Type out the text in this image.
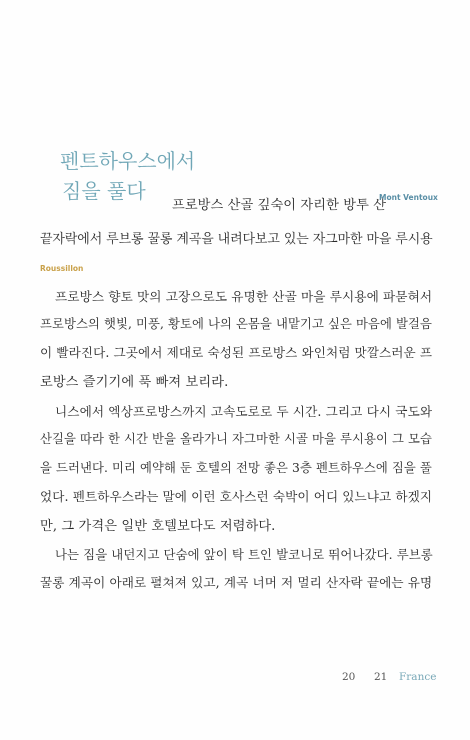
펜트하우스에서
짐을 풀다
프로방스 산골 깊숙이 자리한 방투 산
Mont Ventoux
끝자락에서 루브롱 꿀롱 계곡을 내려다보고 있는 자그마한 마을 루시용
Roussillon
프로방스 향토 맛의 고장으로도 유명한 산골 마을 루시용에 파묻혀서
프로방스의 햇빛, 미풍, 황토에 나의 온몸을 내맡기고 싶은 마음에 발걸음
이 빨라진다. 그곳에서 제대로 숙성된 프로방스 와인처럼 맛깔스러운 프
로방스 즐기기에 푹 빠져 보리라.
니스에서 엑상프로방스까지 고속도로로 두 시간. 그리고 다시 국도와
산길을 따라 한 시간 반을 올라가니 자그마한 시골 마을 루시용이 그 모습
을 드러낸다. 미리 예약해 둔 호텔의 전망 좋은 3층 펜트하우스에 짐을 풀
었다. 펜트하우스라는 말에 이런 호사스런 숙박이 어디 있느냐고 하겠지
만, 그 가격은 일반 호텔보다도 저렴하다.
나는 짐을 내던지고 단숨에 앞이 탁 트인 발코니로 뛰어나갔다. 루브롱
꿀롱 계곡이 아래로 펼쳐져 있고, 계곡 너머 저 멀리 산자락 끝에는 유명
20 21 France
